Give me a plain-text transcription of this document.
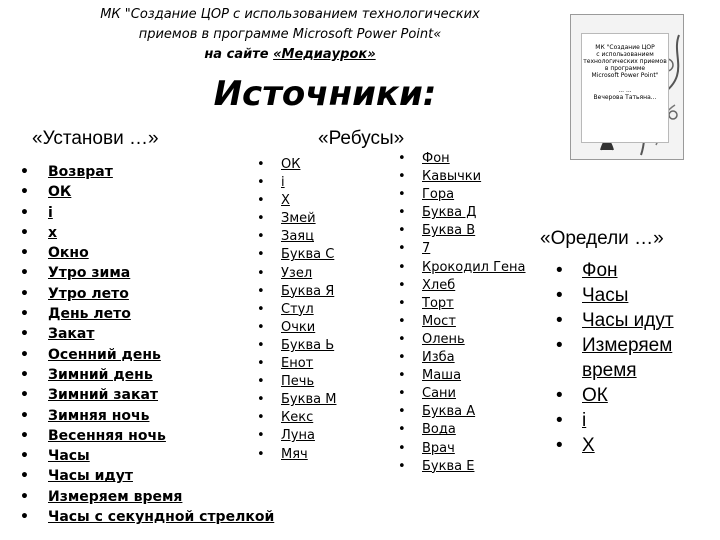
МК "Создание ЦОР с использованием технологических
приемов в программе Microsoft Power Point«
на сайте «Медиаурок»
Источники:
МК "Создание ЦОР
с использованием
технологических приемов
в программе
Microsoft Power Point"
... ...
Вечерова Татьяна...
«Установи …»	«Ребусы»
«Оредели …»
• Возврат
• ОК
• i
• x
• Окно
• Утро зима
• Утро лето
• День лето
• Закат
• Осенний день
• Зимний день
• Зимний закат
• Зимняя ночь
• Весенняя ночь
• Часы
• Часы идут
• Измеряем время
• Часы с секундной стрелкой
• ОК
• i
• X
• Змей
• Заяц
• Буква С
• Узел
• Буква Я
• Стул
• Очки
• Буква Ь
• Енот
• Печь
• Буква М
• Кекс
• Луна
• Мяч
• Фон
• Кавычки
• Гора
• Буква Д
• Буква В
• 7
• Крокодил Гена
• Хлеб
• Торт
• Мост
• Олень
• Изба
• Маша
• Сани
• Буква А
• Вода
• Врач
• Буква Е
• Фон
• Часы
• Часы идут
• Измеряем время
• ОК
• i
• X
